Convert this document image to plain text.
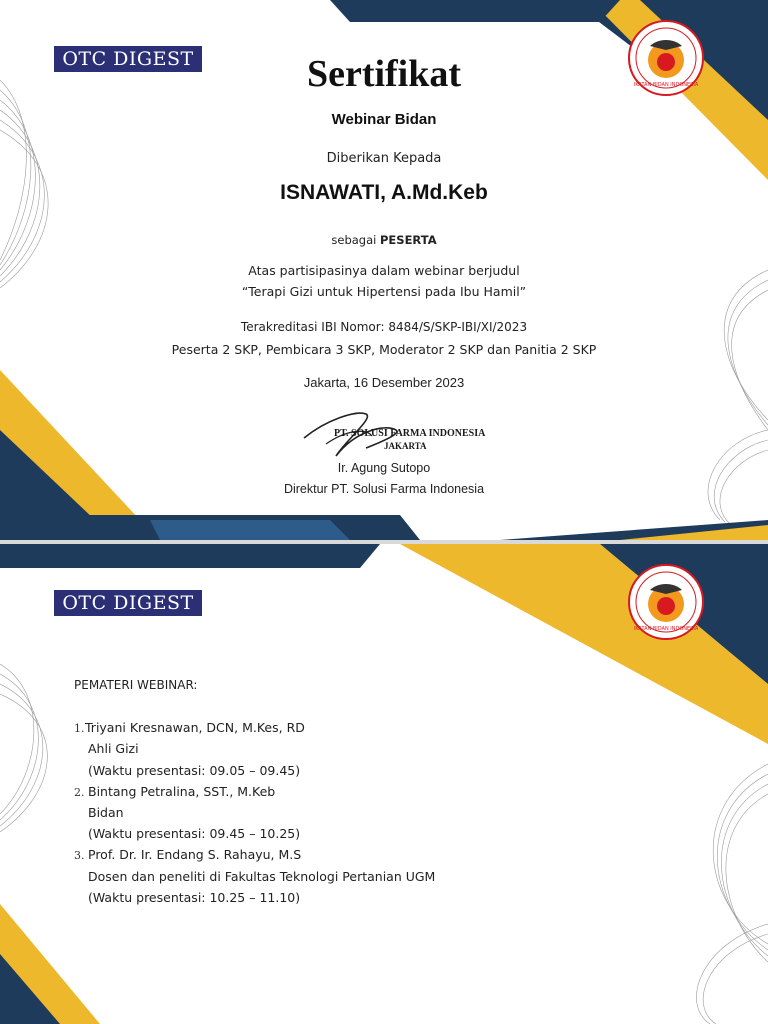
OTC DIGEST
IKATAN BIDAN INDONESIA
Sertifikat
Webinar Bidan
Diberikan Kepada
ISNAWATI, A.Md.Keb
sebagai PESERTA
Atas partisipasinya dalam webinar berjudul
“Terapi Gizi untuk Hipertensi pada Ibu Hamil”
Terakreditasi IBI Nomor: 8484/S/SKP-IBI/XI/2023
Peserta 2 SKP, Pembicara 3 SKP, Moderator 2 SKP dan Panitia 2 SKP
Jakarta, 16 Desember 2023
PT. SOLUSI FARMA INDONESIA
JAKARTA
Ir. Agung Sutopo
Direktur PT. Solusi Farma Indonesia
OTC DIGEST
IKATAN BIDAN INDONESIA
PEMATERI WEBINAR:
1. Triyani Kresnawan, DCN, M.Kes, RD
Ahli Gizi
(Waktu presentasi: 09.05 – 09.45)
2. Bintang Petralina, SST., M.Keb
Bidan
(Waktu presentasi: 09.45 – 10.25)
3. Prof. Dr. Ir. Endang S. Rahayu, M.S
Dosen dan peneliti di Fakultas Teknologi Pertanian UGM
(Waktu presentasi: 10.25 – 11.10)
